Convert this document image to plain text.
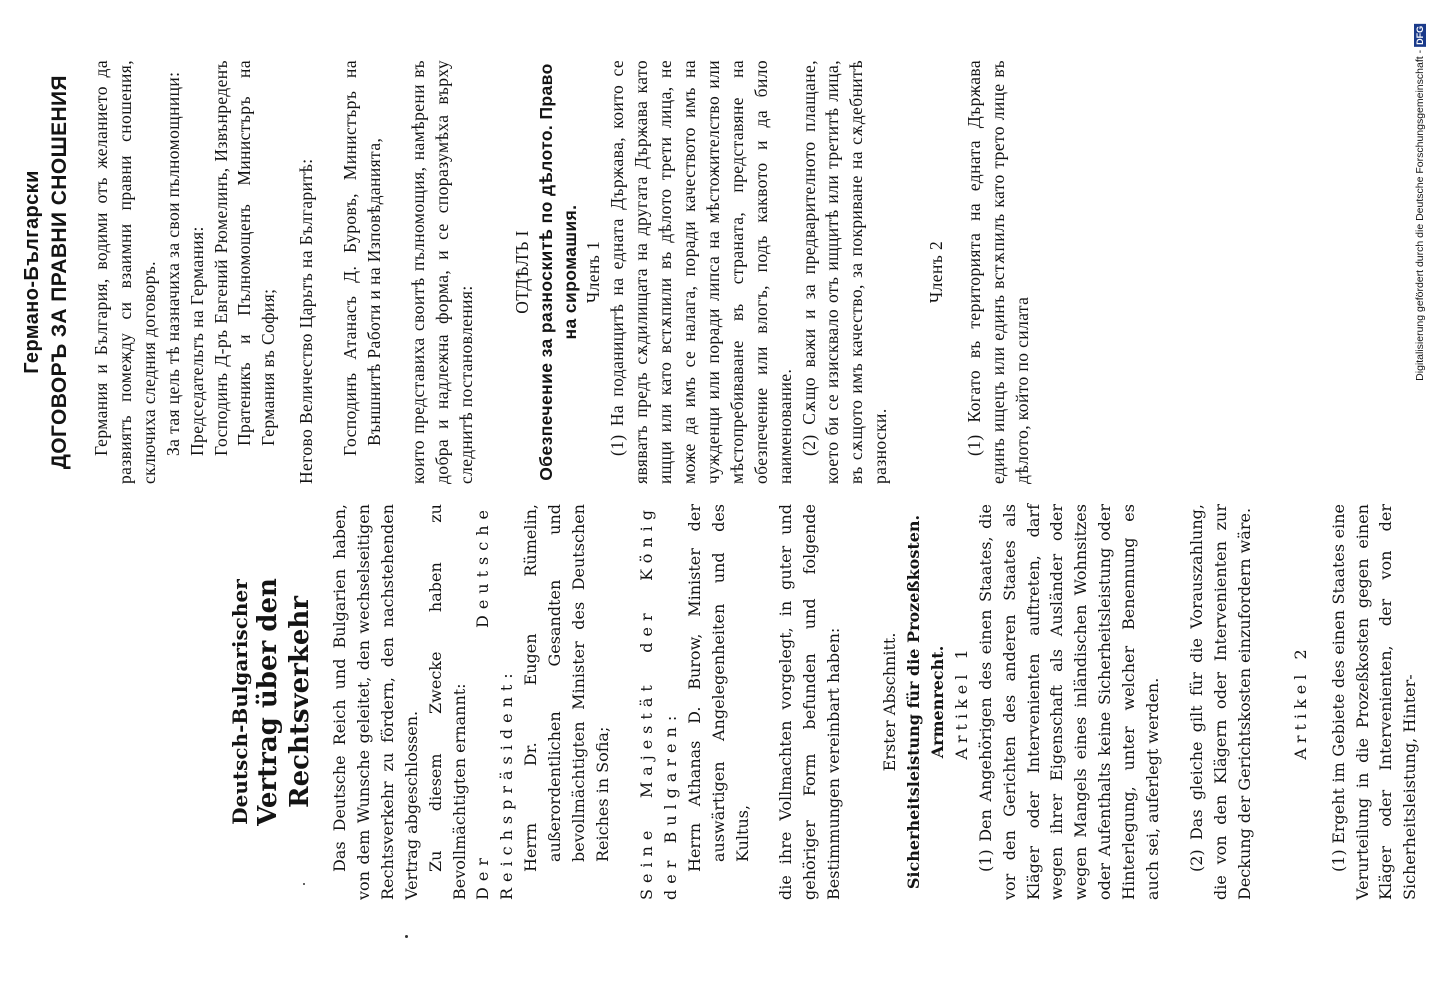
Deutsch-Bulgarischer Vertrag über den Rechtsverkehr Das Deutsche Reich und Bulgarien haben, von dem Wunsche geleitet, den wechselseitigen Rechtsverkehr zu fördern, den nachstehenden Vertrag abgeschlossen. Zu diesem Zwecke haben zu Bevollmächtigten ernannt: Der Deutsche Reichspräsident: Herrn Dr. Eugen Rümelin, außerordentlichen Gesandten und bevollmächtigten Minister des Deutschen Reiches in Sofia; Seine Majestät der König der Bulgaren: Herrn Athanas D. Burow, Minister der auswärtigen Angelegenheiten und des Kultus, die ihre Vollmachten vorgelegt, in guter und gehöriger Form befunden und folgende Bestimmungen vereinbart haben: Erster Abschnitt. Sicherheitsleistung für die Prozeßkosten. Armenrecht. Artikel 1 (1) Den Angehörigen des einen Staates, die vor den Gerichten des anderen Staates als Kläger oder Intervenienten auftreten, darf wegen ihrer Eigenschaft als Ausländer oder wegen Mangels eines inländischen Wohnsitzes oder Aufenthalts keine Sicherheitsleistung oder Hinterlegung, unter welcher Benennung es auch sei, auferlegt werden. (2) Das gleiche gilt für die Vorauszahlung, die von den Klägern oder Intervenienten zur Deckung der Gerichtskosten einzufordern wäre. Artikel 2 (1) Ergeht im Gebiete des einen Staates eine Verurteilung in die Prozeßkosten gegen einen Kläger oder Intervenienten, der von der Sicherheitsleistung, Hinter-

Германо-Български ДОГОВОРЪ ЗА ПРАВНИ СНОШЕНИЯ Германия и България, водими отъ желанието да развиятъ помежду си взаимни правни сношения, сключиха следния договоръ. За тая цель тѣ назначиха за свои пълномощници: Председательтъ на Германия: Господинъ Д-ръ Евгений Рюмелинъ, Извънреденъ Пратеникъ и Пълномощенъ Министъръ на Германия въ София; Негово Величество Царьтъ на Българитѣ: Господинъ Атанасъ Д. Буровъ, Министъръ на Външнитѣ Работи и на Изповѣданията, които представиха своитѣ пълномощия, намѣрени въ добра и надлежна форма, и се споразумѣха върху следнитѣ постановления:

ОТДѢЛЪ I Обезпечение за разноскитѣ по дѣлото. Право на сиромашия. Членъ 1 (1) На поданицитѣ на едната Държава, които се явяватъ предъ сѫдилищата на другата Държава като ищци или като встѫпили въ дѣлото трети лица, не може да имъ се налага, поради качеството имъ на чужденци или поради липса на мѣстожителство или мѣстопребиваване въ страната, представяне на обезпечение или влогъ, подъ каквото и да било наименование. (2) Сѫщо важи и за предварителното плащане, което би се изисквало отъ ищцитѣ или третитѣ лица, въ сѫщото имъ качество, за покриване на сѫдебнитѣ разноски.

Членъ 2 (1) Когато въ територията на едната Държава единъ ищецъ или единъ встѫпилъ като трето лице въ дѣлото, който по силата

Digitalisierung gefördert durch die Deutsche Forschungsgemeinschaft - DFG
